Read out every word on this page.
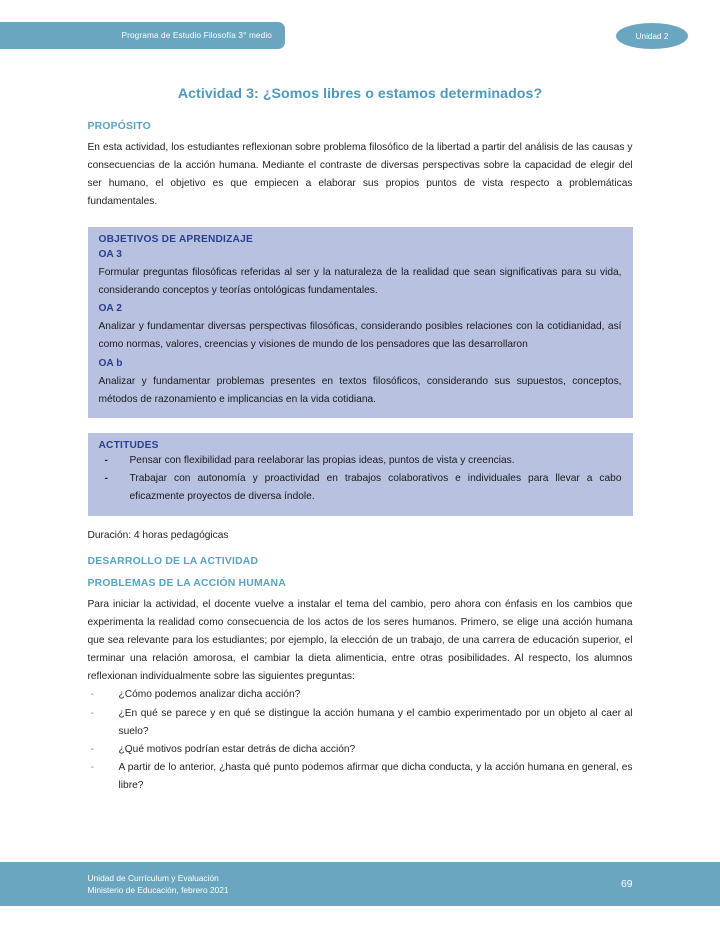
Programa de Estudio Filosofía 3° medio	Unidad 2
Actividad 3: ¿Somos libres o estamos determinados?

PROPÓSITO

En esta actividad, los estudiantes reflexionan sobre problema filosófico de la libertad a partir del análisis de las causas y consecuencias de la acción humana. Mediante el contraste de diversas perspectivas sobre la capacidad de elegir del ser humano, el objetivo es que empiecen a elaborar sus propios puntos de vista respecto a problemáticas fundamentales.

OBJETIVOS DE APRENDIZAJE

OA 3

Formular preguntas filosóficas referidas al ser y la naturaleza de la realidad que sean significativas para su vida, considerando conceptos y teorías ontológicas fundamentales.

OA 2

Analizar y fundamentar diversas perspectivas filosóficas, considerando posibles relaciones con la cotidianidad, así como normas, valores, creencias y visiones de mundo de los pensadores que las desarrollaron

OA b

Analizar y fundamentar problemas presentes en textos filosóficos, considerando sus supuestos, conceptos, métodos de razonamiento e implicancias en la vida cotidiana.

ACTITUDES

- Pensar con flexibilidad para reelaborar las propias ideas, puntos de vista y creencias.
- Trabajar con autonomía y proactividad en trabajos colaborativos e individuales para llevar a cabo eficazmente proyectos de diversa índole.

Duración: 4 horas pedagógicas

DESARROLLO DE LA ACTIVIDAD

PROBLEMAS DE LA ACCIÓN HUMANA

Para iniciar la actividad, el docente vuelve a instalar el tema del cambio, pero ahora con énfasis en los cambios que experimenta la realidad como consecuencia de los actos de los seres humanos. Primero, se elige una acción humana que sea relevante para los estudiantes; por ejemplo, la elección de un trabajo, de una carrera de educación superior, el terminar una relación amorosa, el cambiar la dieta alimenticia, entre otras posibilidades. Al respecto, los alumnos reflexionan individualmente sobre las siguientes preguntas:

- ¿Cómo podemos analizar dicha acción?
- ¿En qué se parece y en qué se distingue la acción humana y el cambio experimentado por un objeto al caer al suelo?
- ¿Qué motivos podrían estar detrás de dicha acción?
- A partir de lo anterior, ¿hasta qué punto podemos afirmar que dicha conducta, y la acción humana en general, es libre?
Unidad de Currículum y Evaluación
Ministerio de Educación, febrero 2021
69
